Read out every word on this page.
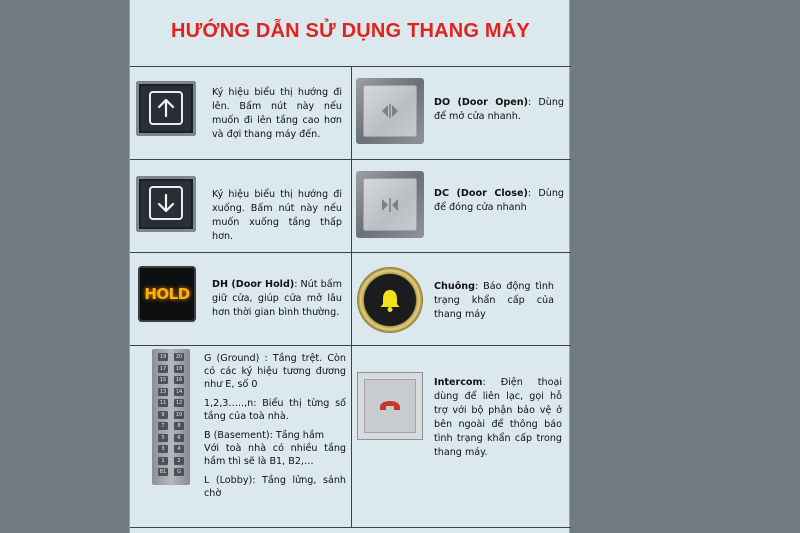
HƯỚNG DẪN SỬ DỤNG THANG MÁY
Ký hiệu biểu thị hướng đi lên. Bấm nút này nếu muốn đi lên tầng cao hơn và đợi thang máy đến.
DO (Door Open): Dùng để mở cửa nhanh.
Ký hiệu biểu thị hướng đi xuống. Bấm nút này nếu muốn xuống tầng thấp hơn.
DC (Door Close): Dùng để đóng cửa nhanh
HOLD
DH (Door Hold): Nút bấm giữ cửa, giúp cửa mở lâu hơn thời gian bình thường.
Chuông: Báo động tình trạng khẩn cấp của thang máy
19	20
17	18
15	16
13	14
11	12
9	10
7	8
5	6
3	4
1	2
B1	G
G (Ground) : Tầng trệt. Còn có các ký hiệu tương đương như E, số 0
1,2,3…..,n: Biểu thị từng số tầng của toà nhà.
B (Basement): Tầng hầm
Với toà nhà có nhiều tầng hầm thì sẽ là B1, B2,…
L (Lobby): Tầng lửng, sảnh chờ
Intercom: Điện thoại dùng để liên lạc, gọi hỗ trợ với bộ phận bảo vệ ở bên ngoài để thông báo tình trạng khẩn cấp trong thang máy.
